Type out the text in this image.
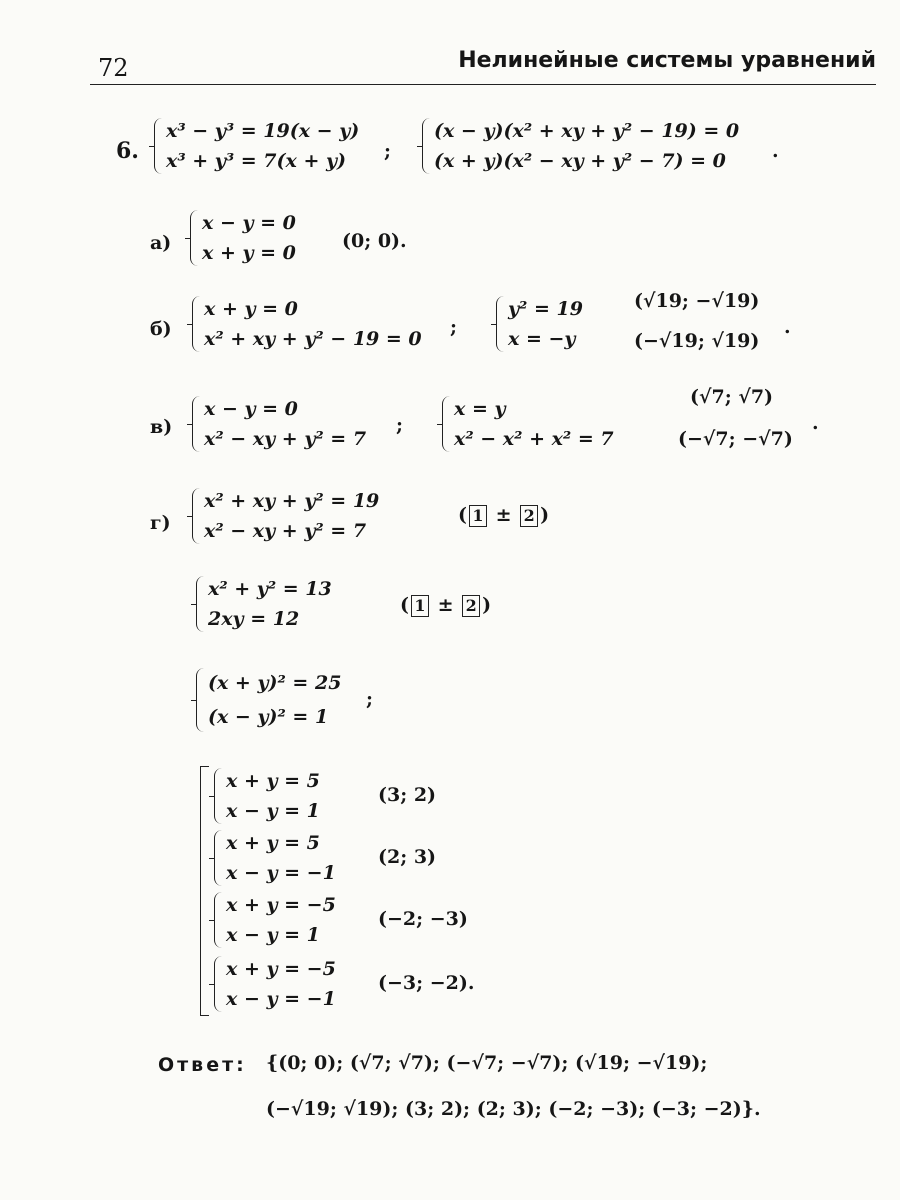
72	Нелинейные системы уравнений
6.
x³ − y³ = 19(x − y)
x³ + y³ = 7(x + y)	;
(x − y)(x² + xy + y² − 19) = 0
(x + y)(x² − xy + y² − 7) = 0	.
а)
x − y = 0
x + y = 0
(0; 0).
б)
x + y = 0
x² + xy + y² − 19 = 0
;
y² = 19
x = −y
(√19; −√19)
(−√19; √19)
.
в)
x − y = 0
x² − xy + y² = 7
;
x = y
x² − x² + x² = 7
(√7; √7)
(−√7; −√7)
.
г)
x² + xy + y² = 19
x² − xy + y² = 7
( 1 ± 2 )
x² + y² = 13
2xy = 12
( 1 ± 2 )
(x + y)² = 25
(x − y)² = 1
;
x + y = 5
x − y = 1
(3; 2)
x + y = 5
x − y = −1
(2; 3)
x + y = −5
x − y = 1
(−2; −3)
x + y = −5
x − y = −1
(−3; −2).
Ответ: {(0; 0); (√7; √7); (−√7; −√7); (√19; −√19);
(−√19; √19); (3; 2); (2; 3); (−2; −3); (−3; −2)}.
